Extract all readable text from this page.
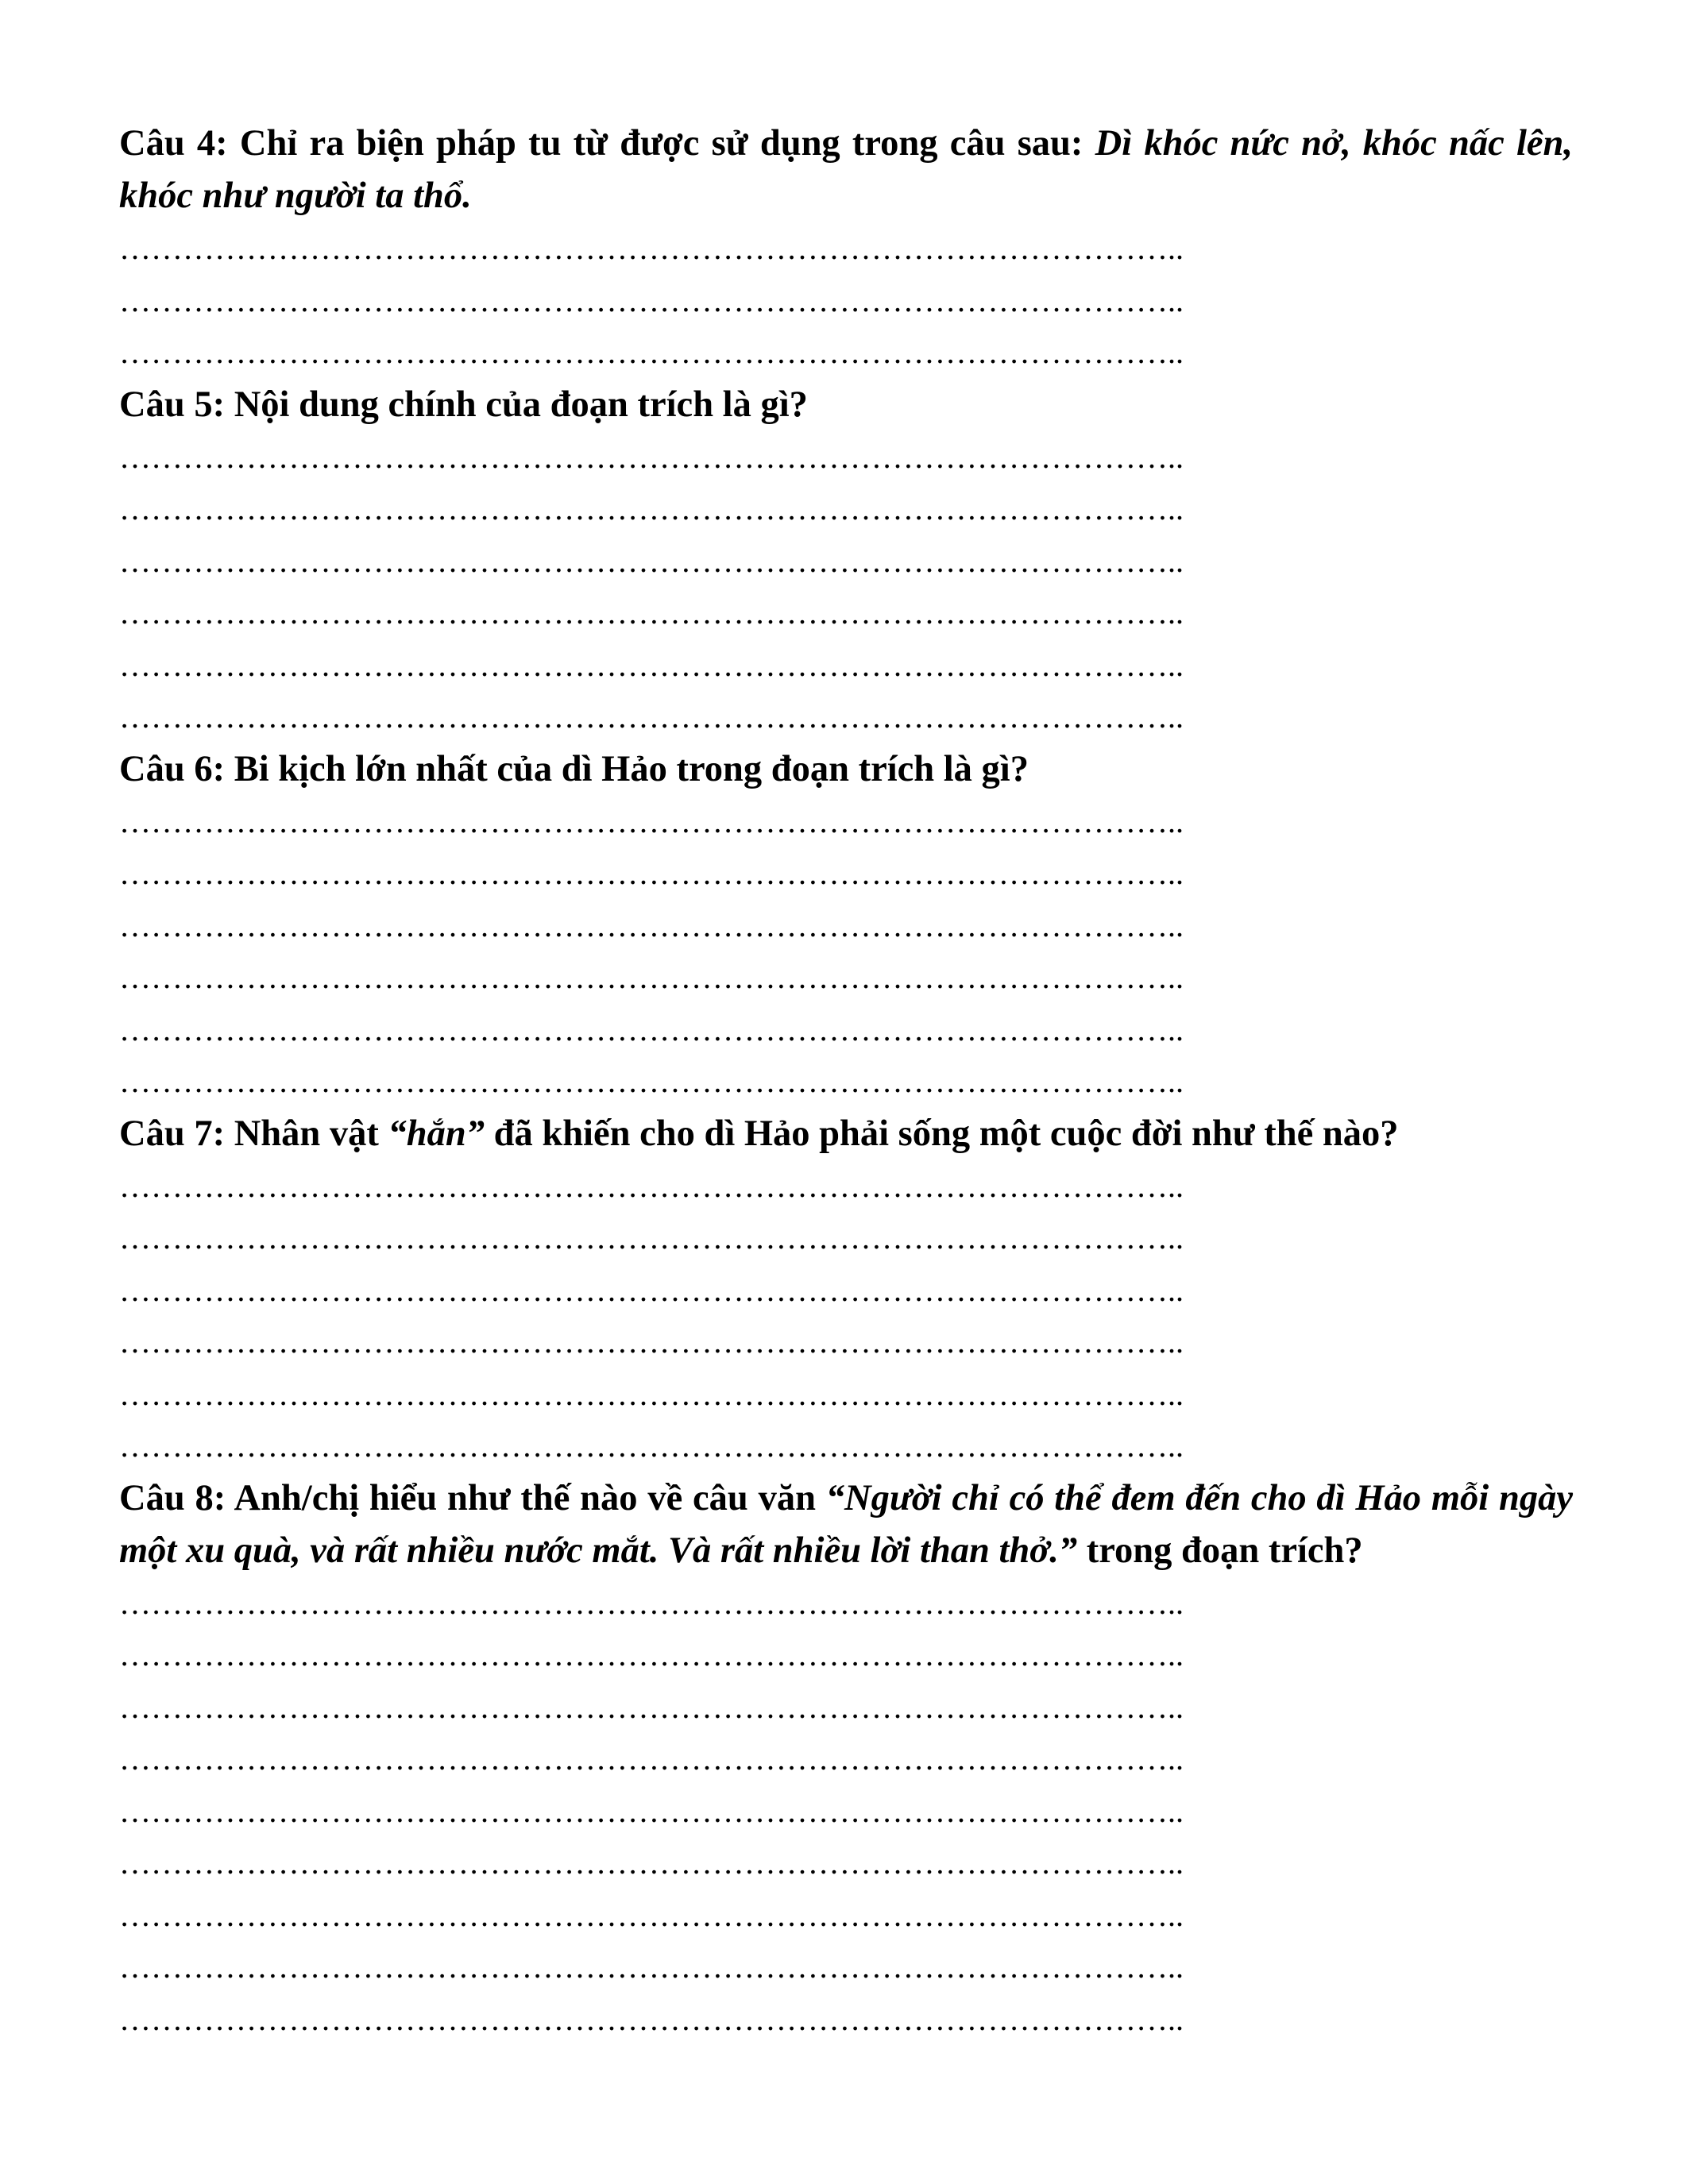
Câu 4: Chỉ ra biện pháp tu từ được sử dụng trong câu sau: Dì khóc nức nở, khóc nấc lên, khóc như người ta thổ.

………………………………………………………………………………………..
………………………………………………………………………………………..
………………………………………………………………………………………..

Câu 5: Nội dung chính của đoạn trích là gì?

………………………………………………………………………………………..
………………………………………………………………………………………..
………………………………………………………………………………………..
………………………………………………………………………………………..
………………………………………………………………………………………..
………………………………………………………………………………………..

Câu 6: Bi kịch lớn nhất của dì Hảo trong đoạn trích là gì?

………………………………………………………………………………………..
………………………………………………………………………………………..
………………………………………………………………………………………..
………………………………………………………………………………………..
………………………………………………………………………………………..
………………………………………………………………………………………..

Câu 7: Nhân vật “hắn” đã khiến cho dì Hảo phải sống một cuộc đời như thế nào?

………………………………………………………………………………………..
………………………………………………………………………………………..
………………………………………………………………………………………..
………………………………………………………………………………………..
………………………………………………………………………………………..
………………………………………………………………………………………..

Câu 8: Anh/chị hiểu như thế nào về câu văn “Người chỉ có thể đem đến cho dì Hảo mỗi ngày một xu quà, và rất nhiều nước mắt. Và rất nhiều lời than thở.” trong đoạn trích?

………………………………………………………………………………………..
………………………………………………………………………………………..
………………………………………………………………………………………..
………………………………………………………………………………………..
………………………………………………………………………………………..
………………………………………………………………………………………..
………………………………………………………………………………………..
………………………………………………………………………………………..
………………………………………………………………………………………..
